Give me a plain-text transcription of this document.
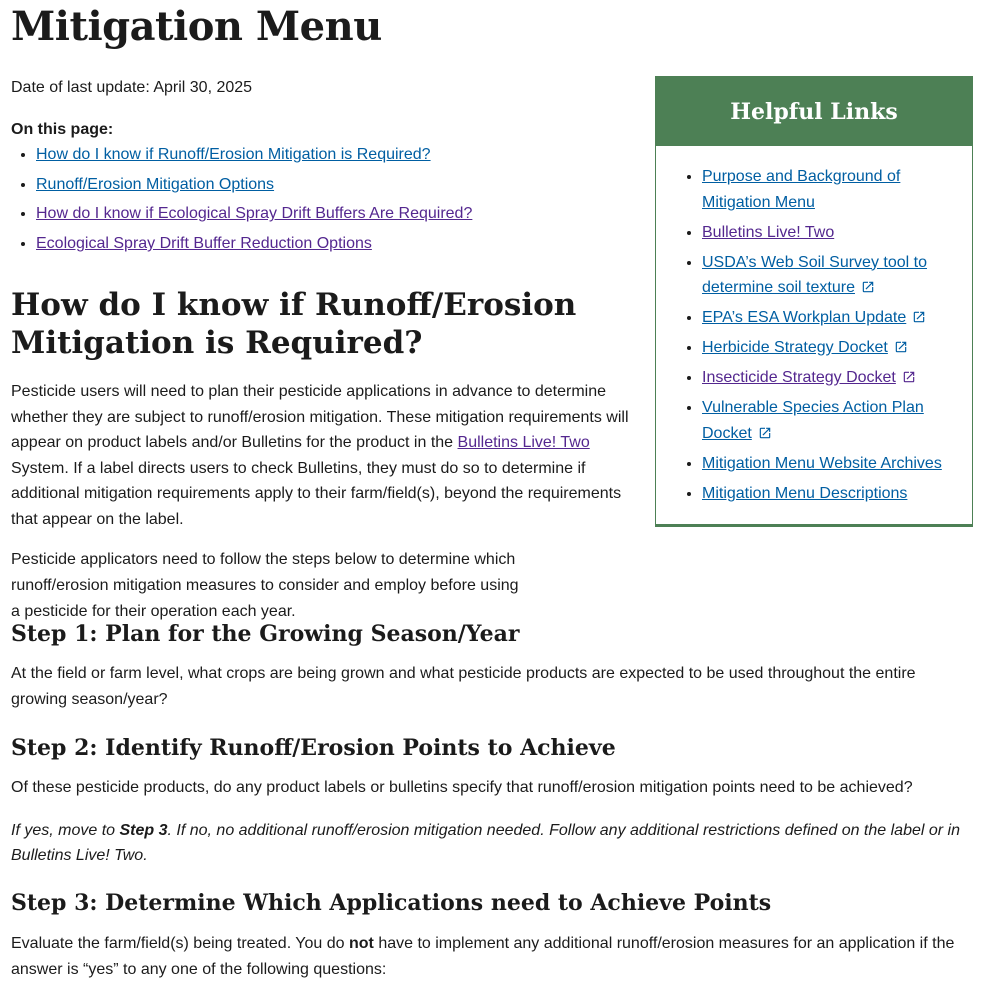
Mitigation Menu
Date of last update: April 30, 2025
On this page:
• How do I know if Runoff/Erosion Mitigation is Required?
• Runoff/Erosion Mitigation Options
• How do I know if Ecological Spray Drift Buffers Are Required?
• Ecological Spray Drift Buffer Reduction Options
How do I know if Runoff/Erosion Mitigation is Required?

Pesticide users will need to plan their pesticide applications in advance to determine whether they are subject to runoff/erosion mitigation. These mitigation requirements will appear on product labels and/or Bulletins for the product in the Bulletins Live! Two System. If a label directs users to check Bulletins, they must do so to determine if additional mitigation requirements apply to their farm/field(s), beyond the requirements that appear on the label.

Pesticide applicators need to follow the steps below to determine which runoff/erosion mitigation measures to consider and employ before using a pesticide for their operation each year.

Step 1: Plan for the Growing Season/Year

At the field or farm level, what crops are being grown and what pesticide products are expected to be used throughout the entire growing season/year?

Step 2: Identify Runoff/Erosion Points to Achieve

Of these pesticide products, do any product labels or bulletins specify that runoff/erosion mitigation points need to be achieved?

If yes, move to Step 3. If no, no additional runoff/erosion mitigation needed. Follow any additional restrictions defined on the label or in Bulletins Live! Two.

Step 3: Determine Which Applications need to Achieve Points

Evaluate the farm/field(s) being treated. You do not have to implement any additional runoff/erosion measures for an application if the answer is “yes” to any one of the following questions:

Helpful Links
• Purpose and Background of Mitigation Menu
• Bulletins Live! Two
• USDA’s Web Soil Survey tool to determine soil texture
• EPA’s ESA Workplan Update
• Herbicide Strategy Docket
• Insecticide Strategy Docket
• Vulnerable Species Action Plan Docket
• Mitigation Menu Website Archives
• Mitigation Menu Descriptions
